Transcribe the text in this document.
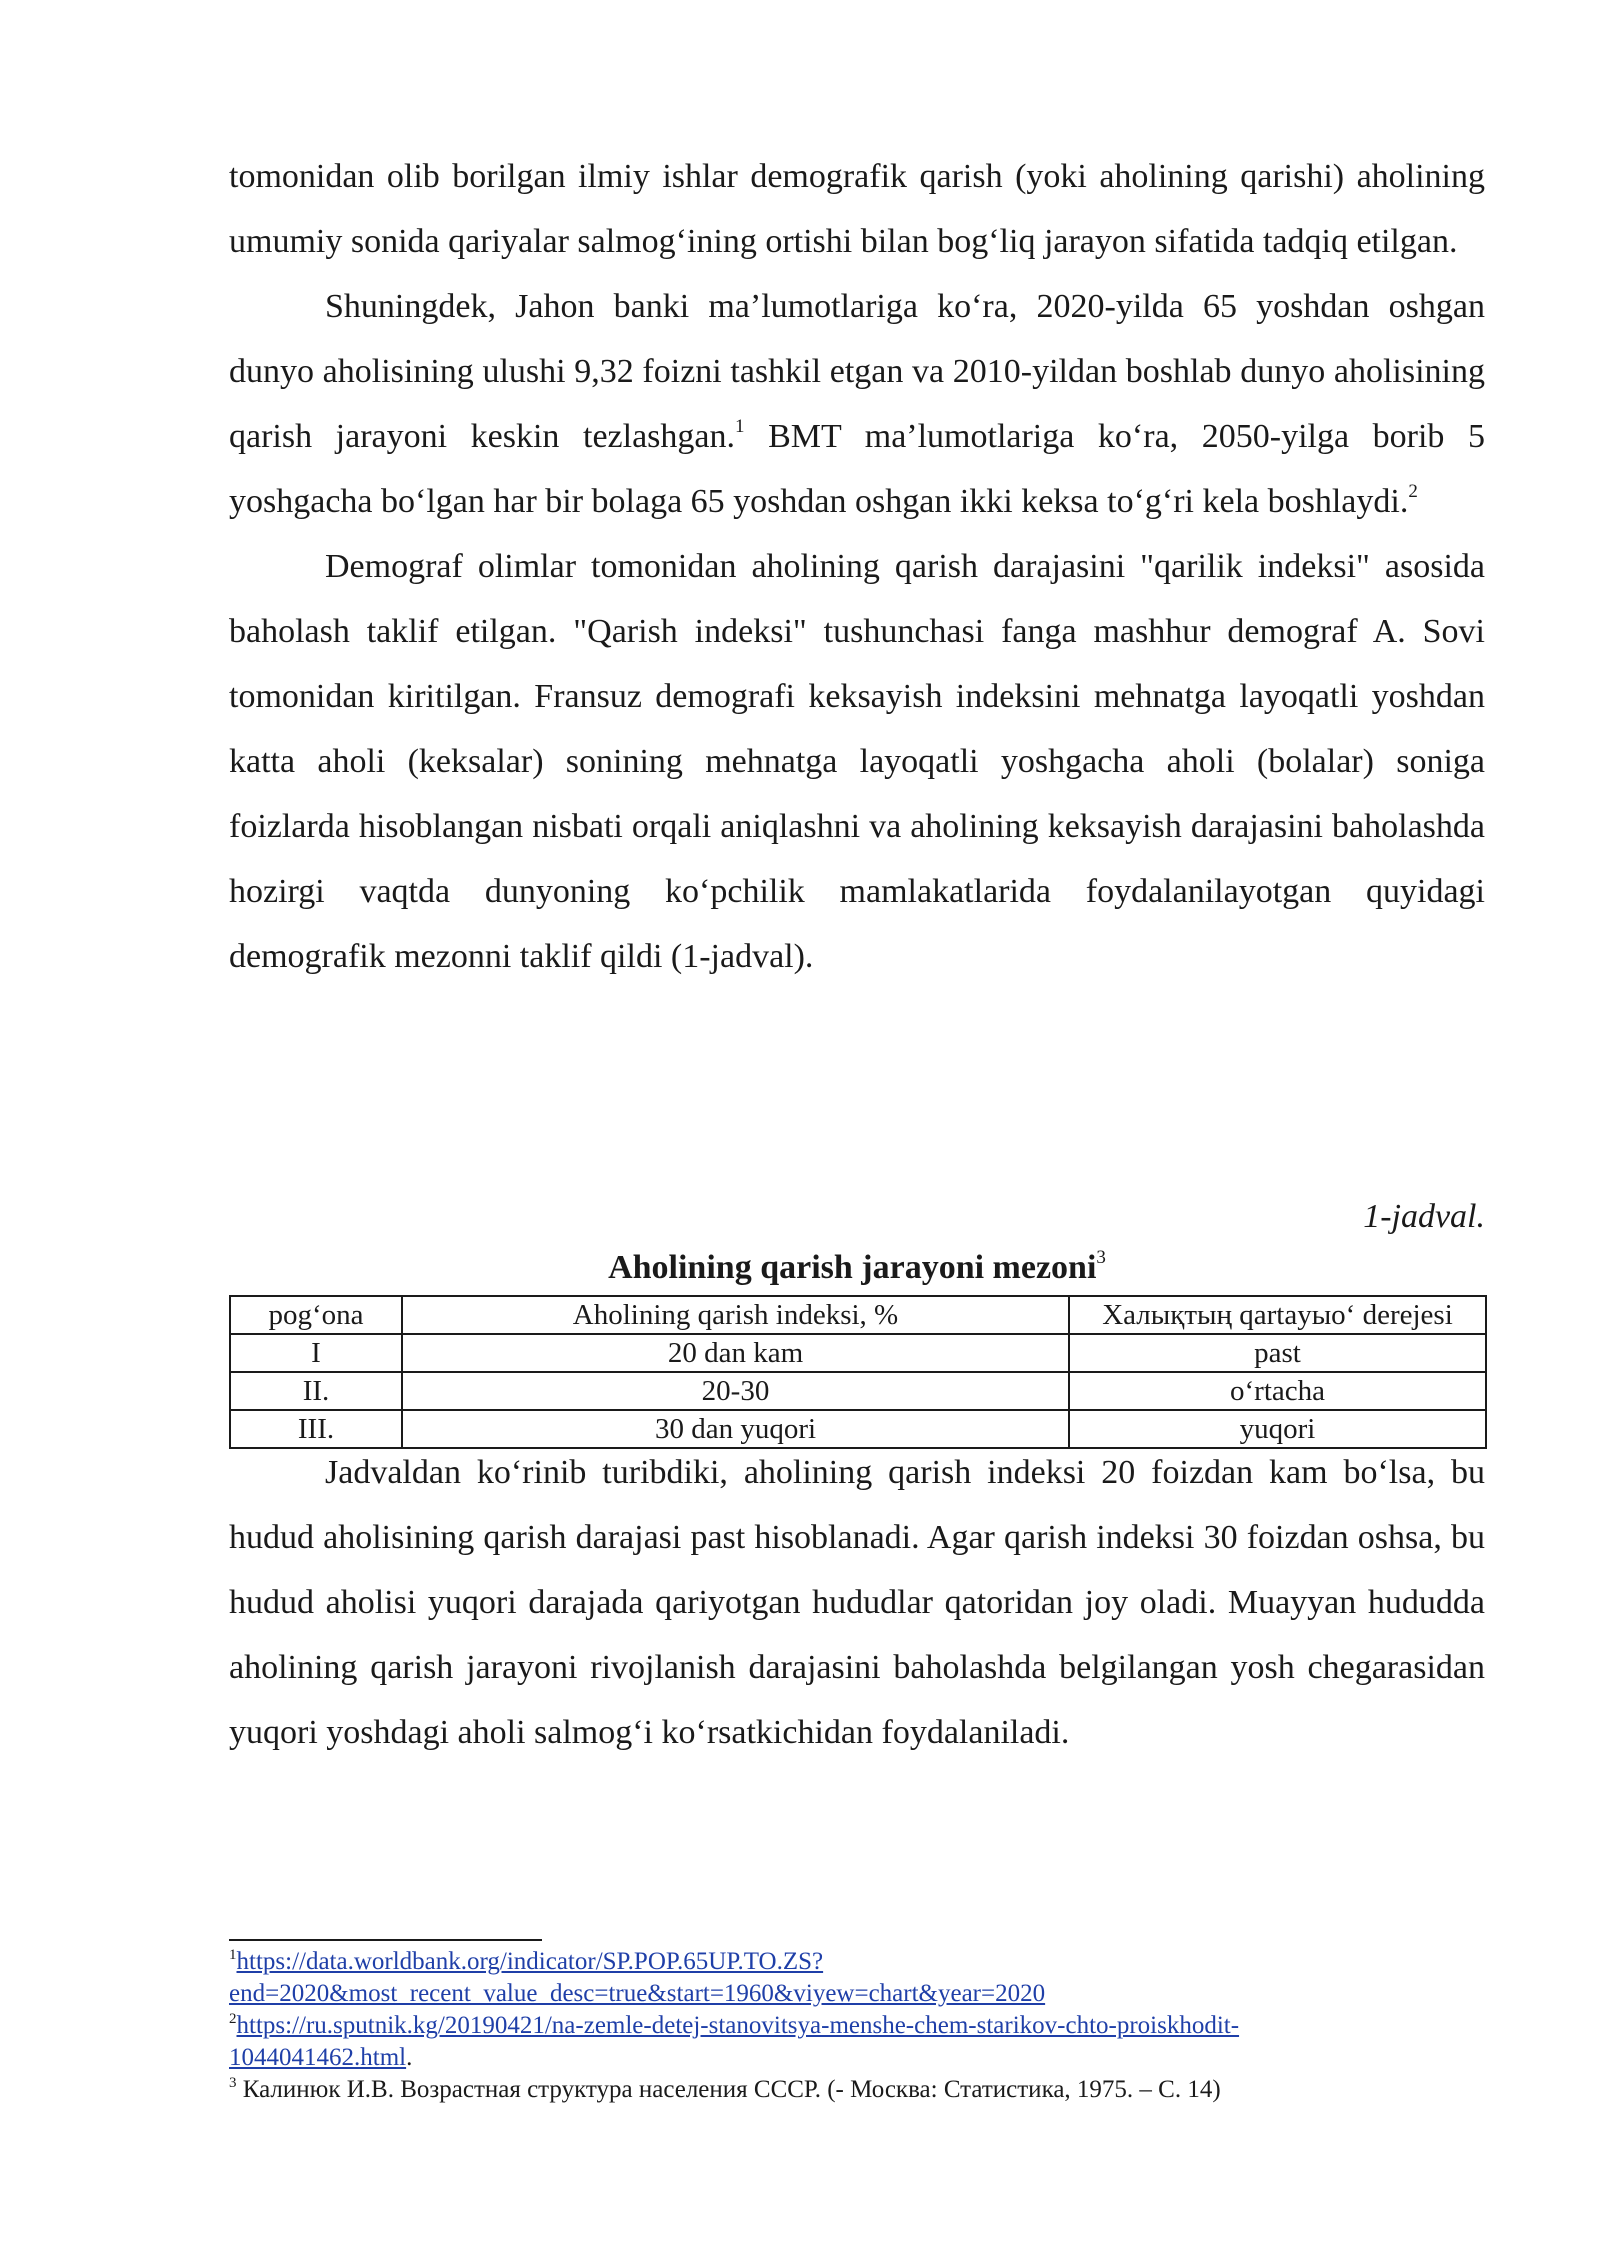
tomonidan olib borilgan ilmiy ishlar demografik qarish (yoki aholining qarishi) aholining umumiy sonida qariyalar salmog‘ining ortishi bilan bog‘liq jarayon sifatida tadqiq etilgan.

Shuningdek, Jahon banki ma’lumotlariga ko‘ra, 2020-yilda 65 yoshdan oshgan dunyo aholisining ulushi 9,32 foizni tashkil etgan va 2010-yildan boshlab dunyo aholisining qarish jarayoni keskin tezlashgan.$^1$ BMT ma’lumotlariga ko‘ra, 2050-yilga borib 5 yoshgacha bo‘lgan har bir bolaga 65 yoshdan oshgan ikki keksa to‘g‘ri kela boshlaydi.$^2$

Demograf olimlar tomonidan aholining qarish darajasini "qarilik indeksi" asosida baholash taklif etilgan. "Qarish indeksi" tushunchasi fanga mashhur demograf A. Sovi tomonidan kiritilgan. Fransuz demografi keksayish indeksini mehnatga layoqatli yoshdan katta aholi (keksalar) sonining mehnatga layoqatli yoshgacha aholi (bolalar) soniga foizlarda hisoblangan nisbati orqali aniqlashni va aholining keksayish darajasini baholashda hozirgi vaqtda dunyoning ko‘pchilik mamlakatlarida foydalanilayotgan quyidagi demografik mezonni taklif qildi (1-jadval).

1-jadval.
Aholining qarish jarayoni mezoni$^3$
pog‘ona	Aholining qarish indeksi, %	Халықтың qartayыo‘ derejesi
I	20 dan kam	past
II.	20-30	o‘rtacha
III.	30 dan yuqori	yuqori

Jadvaldan ko‘rinib turibdiki, aholining qarish indeksi 20 foizdan kam bo‘lsa, bu hudud aholisining qarish darajasi past hisoblanadi. Agar qarish indeksi 30 foizdan oshsa, bu hudud aholisi yuqori darajada qariyotgan hududlar qatoridan joy oladi. Muayyan hududda aholining qarish jarayoni rivojlanish darajasini baholashda belgilangan yosh chegarasidan yuqori yoshdagi aholi salmog‘i ko‘rsatkichidan foydalaniladi.

$^1$https://data.worldbank.org/indicator/SP.POP.65UP.TO.ZS?
end=2020&most_recent_value_desc=true&start=1960&viyew=chart&year=2020
$^2$https://ru.sputnik.kg/20190421/na-zemle-detej-stanovitsya-menshe-chem-starikov-chto-proiskhodit-
1044041462.html.
$^3$ Калинюк И.В. Возрастная структура населения СССР. (- Москва: Статистика, 1975. – С. 14)
